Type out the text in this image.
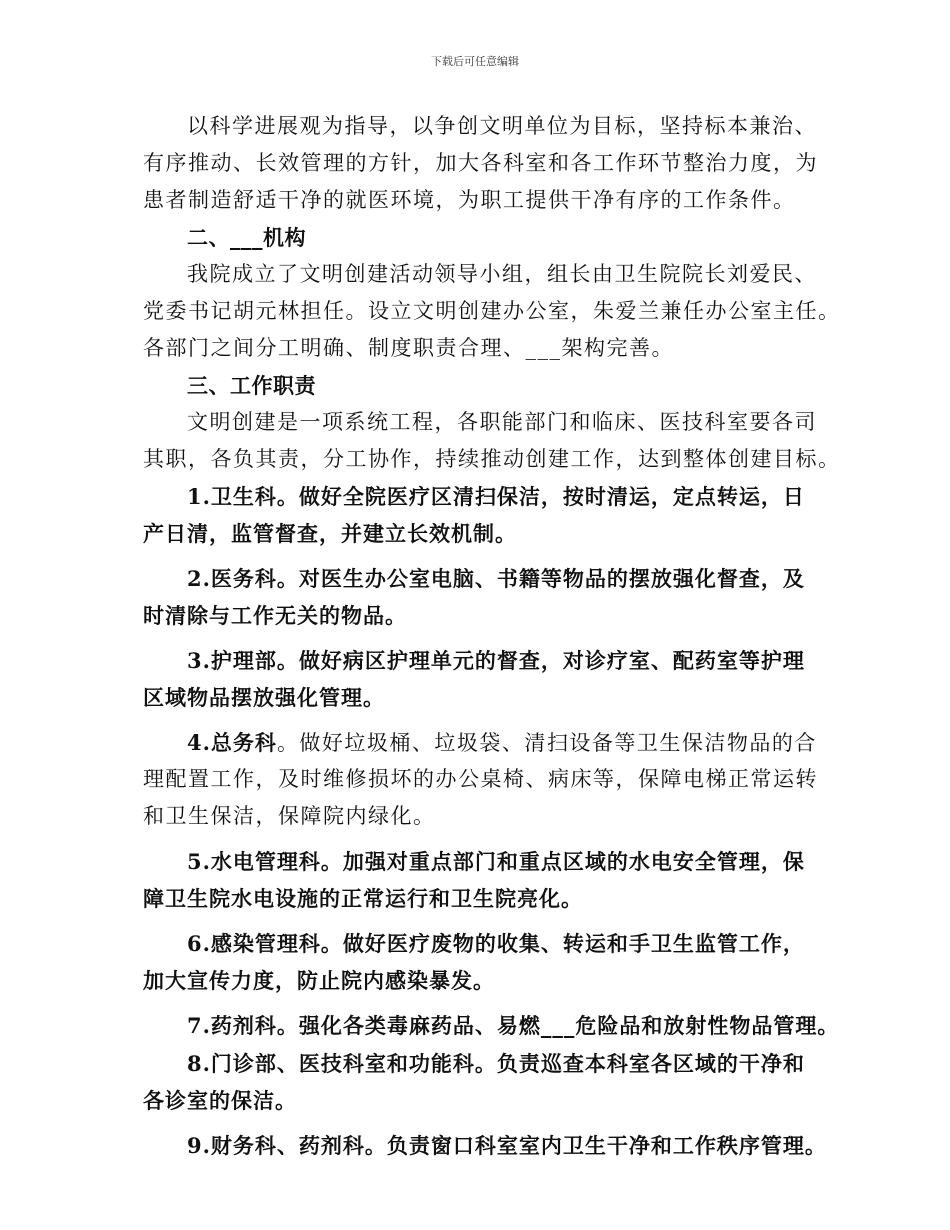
下载后可任意编辑
以科学进展观为指导，以争创文明单位为目标，坚持标本兼治、
有序推动、长效管理的方针，加大各科室和各工作环节整治力度，为
患者制造舒适干净的就医环境，为职工提供干净有序的工作条件。
二、___机构
我院成立了文明创建活动领导小组，组长由卫生院院长刘爱民、
党委书记胡元林担任。设立文明创建办公室，朱爱兰兼任办公室主任。
各部门之间分工明确、制度职责合理、___架构完善。
三、工作职责
文明创建是一项系统工程，各职能部门和临床、医技科室要各司
其职，各负其责，分工协作，持续推动创建工作，达到整体创建目标。
1.卫生科。做好全院医疗区清扫保洁，按时清运，定点转运，日
产日清，监管督查，并建立长效机制。
2.医务科。对医生办公室电脑、书籍等物品的摆放强化督查，及
时清除与工作无关的物品。
3.护理部。做好病区护理单元的督查，对诊疗室、配药室等护理
区域物品摆放强化管理。
4.总务科。做好垃圾桶、垃圾袋、清扫设备等卫生保洁物品的合
理配置工作，及时维修损坏的办公桌椅、病床等，保障电梯正常运转
和卫生保洁，保障院内绿化。
5.水电管理科。加强对重点部门和重点区域的水电安全管理，保
障卫生院水电设施的正常运行和卫生院亮化。
6.感染管理科。做好医疗废物的收集、转运和手卫生监管工作，
加大宣传力度，防止院内感染暴发。
7.药剂科。强化各类毒麻药品、易燃___危险品和放射性物品管理。
8.门诊部、医技科室和功能科。负责巡查本科室各区域的干净和
各诊室的保洁。
9.财务科、药剂科。负责窗口科室室内卫生干净和工作秩序管理。
